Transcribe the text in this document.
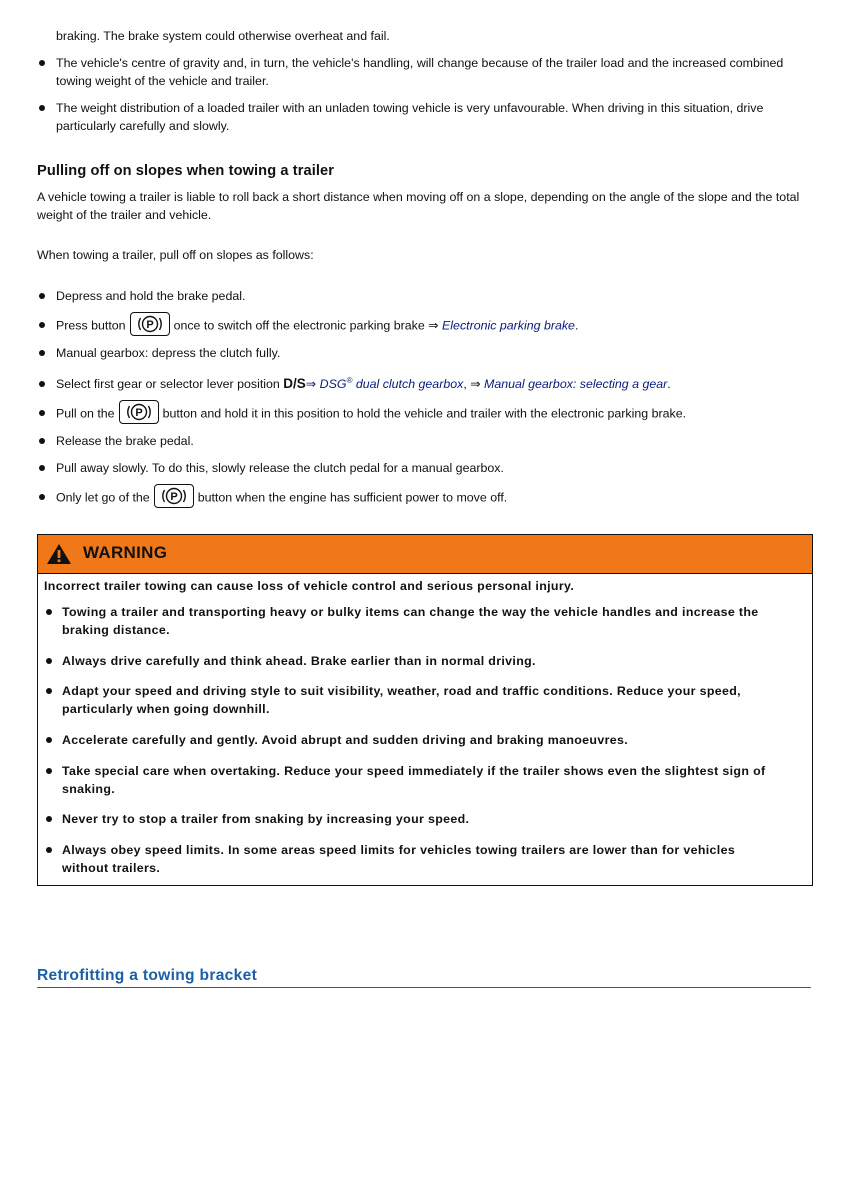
braking. The brake system could otherwise overheat and fail.
The vehicle's centre of gravity and, in turn, the vehicle's handling, will change because of the trailer load and the increased combined
towing weight of the vehicle and trailer.
The weight distribution of a loaded trailer with an unladen towing vehicle is very unfavourable. When driving in this situation, drive
particularly carefully and slowly.
Pulling off on slopes when towing a trailer
A vehicle towing a trailer is liable to roll back a short distance when moving off on a slope, depending on the angle of the slope and the total
weight of the trailer and vehicle.
When towing a trailer, pull off on slopes as follows:
Depress and hold the brake pedal.
Press button P once to switch off the electronic parking brake ⇒ Electronic parking brake.
Manual gearbox: depress the clutch fully.
Select first gear or selector lever position D/S⇒ DSG® dual clutch gearbox, ⇒ Manual gearbox: selecting a gear.
Pull on the P button and hold it in this position to hold the vehicle and trailer with the electronic parking brake.
Release the brake pedal.
Pull away slowly. To do this, slowly release the clutch pedal for a manual gearbox.
Only let go of the P button when the engine has sufficient power to move off.
WARNING
Incorrect trailer towing can cause loss of vehicle control and serious personal injury.
Towing a trailer and transporting heavy or bulky items can change the way the vehicle handles and increase the
braking distance.
Always drive carefully and think ahead. Brake earlier than in normal driving.
Adapt your speed and driving style to suit visibility, weather, road and traffic conditions. Reduce your speed,
particularly when going downhill.
Accelerate carefully and gently. Avoid abrupt and sudden driving and braking manoeuvres.
Take special care when overtaking. Reduce your speed immediately if the trailer shows even the slightest sign of
snaking.
Never try to stop a trailer from snaking by increasing your speed.
Always obey speed limits. In some areas speed limits for vehicles towing trailers are lower than for vehicles
without trailers.
Retrofitting a towing bracket
